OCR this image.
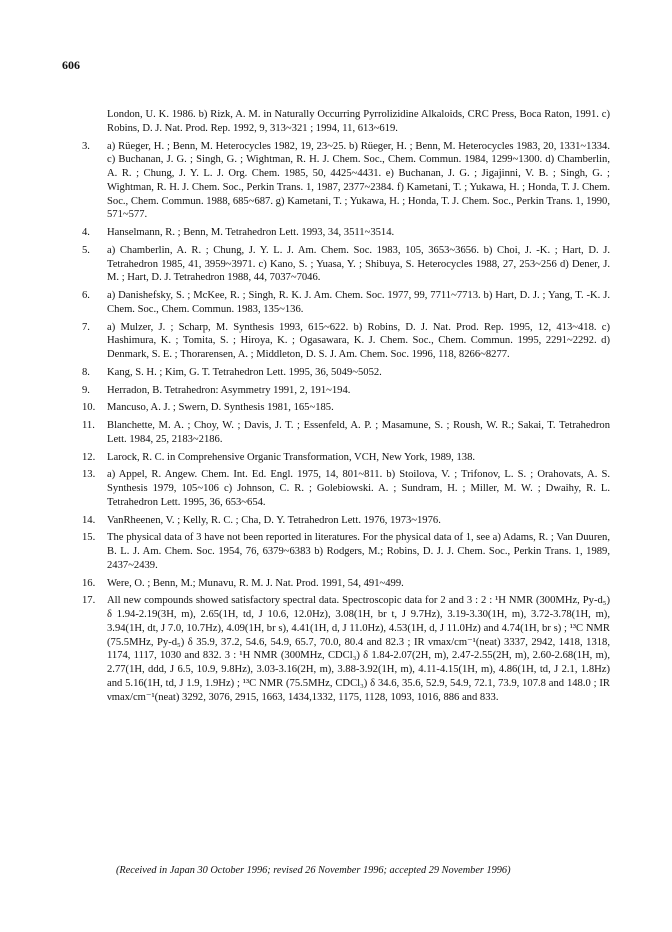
606
London, U. K. 1986. b) Rizk, A. M. in Naturally Occurring Pyrrolizidine Alkaloids, CRC Press, Boca Raton, 1991. c) Robins, D. J. Nat. Prod. Rep. 1992, 9, 313~321 ; 1994, 11, 613~619.
3.	a) Rüeger, H. ; Benn, M. Heterocycles 1982, 19, 23~25. b) Rüeger, H. ; Benn, M. Heterocycles 1983, 20, 1331~1334. c) Buchanan, J. G. ; Singh, G. ; Wightman, R. H. J. Chem. Soc., Chem. Commun. 1984, 1299~1300. d) Chamberlin, A. R. ; Chung, J. Y. L. J. Org. Chem. 1985, 50, 4425~4431. e) Buchanan, J. G. ; Jigajinni, V. B. ; Singh, G. ; Wightman, R. H. J. Chem. Soc., Perkin Trans. 1, 1987, 2377~2384. f) Kametani, T. ; Yukawa, H. ; Honda, T. J. Chem. Soc., Chem. Commun. 1988, 685~687. g) Kametani, T. ; Yukawa, H. ; Honda, T. J. Chem. Soc., Perkin Trans. 1, 1990, 571~577.
4.	Hanselmann, R. ; Benn, M. Tetrahedron Lett. 1993, 34, 3511~3514.
5.	a) Chamberlin, A. R. ; Chung, J. Y. L. J. Am. Chem. Soc. 1983, 105, 3653~3656. b) Choi, J. -K. ; Hart, D. J. Tetrahedron 1985, 41, 3959~3971. c) Kano, S. ; Yuasa, Y. ; Shibuya, S. Heterocycles 1988, 27, 253~256 d) Dener, J. M. ; Hart, D. J. Tetrahedron 1988, 44, 7037~7046.
6.	a) Danishefsky, S. ; McKee, R. ; Singh, R. K. J. Am. Chem. Soc. 1977, 99, 7711~7713. b) Hart, D. J. ; Yang, T. -K. J. Chem. Soc., Chem. Commun. 1983, 135~136.
7.	a) Mulzer, J. ; Scharp, M. Synthesis 1993, 615~622. b) Robins, D. J. Nat. Prod. Rep. 1995, 12, 413~418. c) Hashimura, K. ; Tomita, S. ; Hiroya, K. ; Ogasawara, K. J. Chem. Soc., Chem. Commun. 1995, 2291~2292. d) Denmark, S. E. ; Thorarensen, A. ; Middleton, D. S. J. Am. Chem. Soc. 1996, 118, 8266~8277.
8.	Kang, S. H. ; Kim, G. T. Tetrahedron Lett. 1995, 36, 5049~5052.
9.	Herradon, B. Tetrahedron: Asymmetry 1991, 2, 191~194.
10.	Mancuso, A. J. ; Swern, D. Synthesis 1981, 165~185.
11.	Blanchette, M. A. ; Choy, W. ; Davis, J. T. ; Essenfeld, A. P. ; Masamune, S. ; Roush, W. R.; Sakai, T. Tetrahedron Lett. 1984, 25, 2183~2186.
12.	Larock, R. C. in Comprehensive Organic Transformation, VCH, New York, 1989, 138.
13.	a) Appel, R. Angew. Chem. Int. Ed. Engl. 1975, 14, 801~811. b) Stoilova, V. ; Trifonov, L. S. ; Orahovats, A. S. Synthesis 1979, 105~106 c) Johnson, C. R. ; Golebiowski. A. ; Sundram, H. ; Miller, M. W. ; Dwaihy, R. L. Tetrahedron Lett. 1995, 36, 653~654.
14.	VanRheenen, V. ; Kelly, R. C. ; Cha, D. Y. Tetrahedron Lett. 1976, 1973~1976.
15.	The physical data of 3 have not been reported in literatures. For the physical data of 1, see a) Adams, R. ; Van Duuren, B. L. J. Am. Chem. Soc. 1954, 76, 6379~6383 b) Rodgers, M.; Robins, D. J. J. Chem. Soc., Perkin Trans. 1, 1989, 2437~2439.
16.	Were, O. ; Benn, M.; Munavu, R. M. J. Nat. Prod. 1991, 54, 491~499.
17.	All new compounds showed satisfactory spectral data. Spectroscopic data for 2 and 3 : 2 : ¹H NMR (300MHz, Py-d₅) δ 1.94-2.19(3H, m), 2.65(1H, td, J 10.6, 12.0Hz), 3.08(1H, br t, J 9.7Hz), 3.19-3.30(1H, m), 3.72-3.78(1H, m), 3.94(1H, dt, J 7.0, 10.7Hz), 4.09(1H, br s), 4.41(1H, d, J 11.0Hz), 4.53(1H, d, J 11.0Hz) and 4.74(1H, br s) ; ¹³C NMR (75.5MHz, Py-d₅) δ 35.9, 37.2, 54.6, 54.9, 65.7, 70.0, 80.4 and 82.3 ; IR νmax/cm⁻¹(neat) 3337, 2942, 1418, 1318, 1174, 1117, 1030 and 832. 3 : ¹H NMR (300MHz, CDCl₃) δ 1.84-2.07(2H, m), 2.47-2.55(2H, m), 2.60-2.68(1H, m), 2.77(1H, ddd, J 6.5, 10.9, 9.8Hz), 3.03-3.16(2H, m), 3.88-3.92(1H, m), 4.11-4.15(1H, m), 4.86(1H, td, J 2.1, 1.8Hz) and 5.16(1H, td, J 1.9, 1.9Hz) ; ¹³C NMR (75.5MHz, CDCl₃) δ 34.6, 35.6, 52.9, 54.9, 72.1, 73.9, 107.8 and 148.0 ; IR νmax/cm⁻¹(neat) 3292, 3076, 2915, 1663, 1434,1332, 1175, 1128, 1093, 1016, 886 and 833.
(Received in Japan 30 October 1996; revised 26 November 1996; accepted 29 November 1996)
